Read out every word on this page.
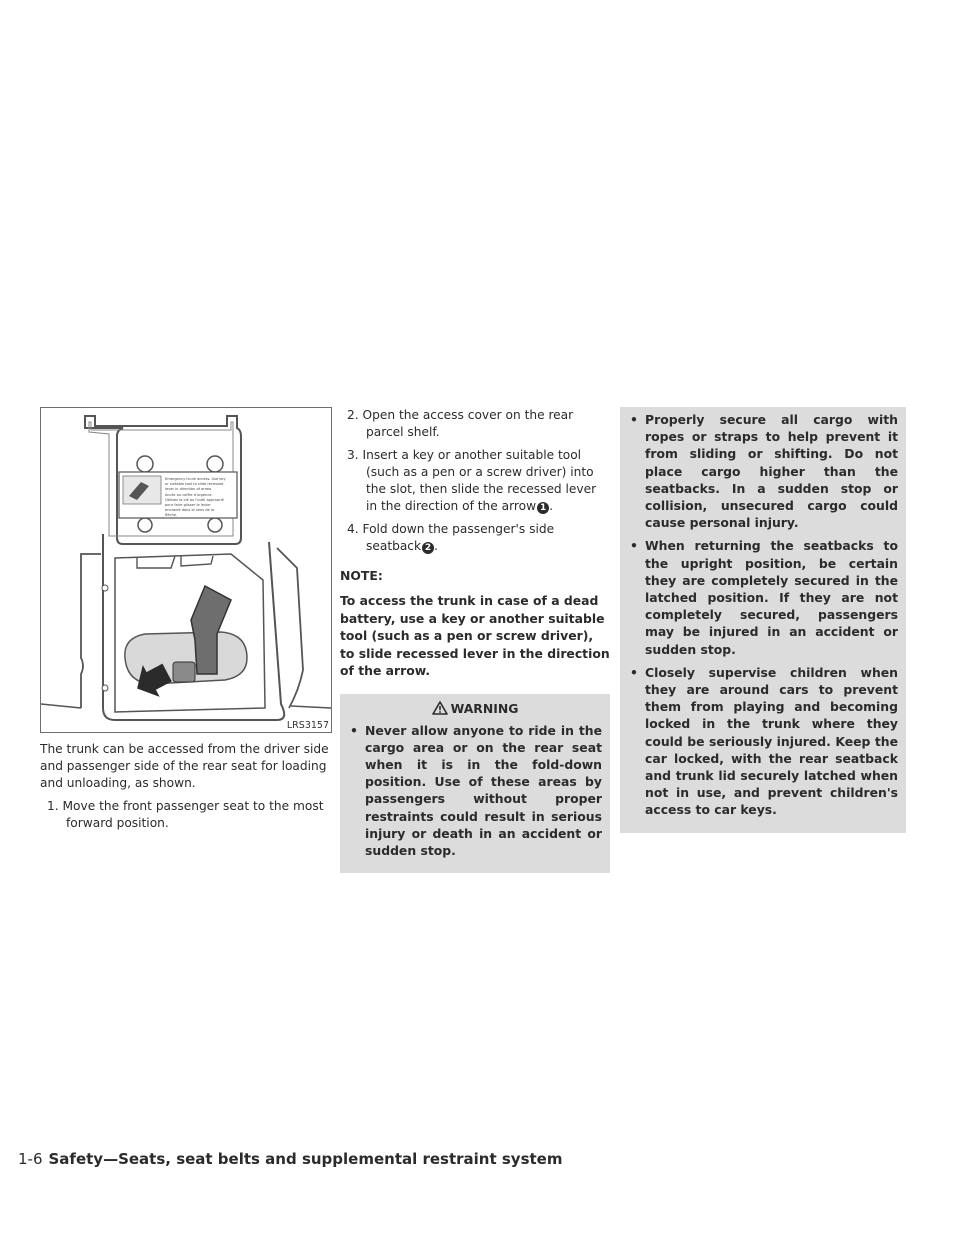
Emergency trunk access. Use key
or suitable tool to slide recessed
lever in direction of arrow
Accès au coffre d'urgence.
Utilisez la clé ou l'outil approprié
pour faire glisser le levier
encastré dans le sens de la
flèche.
LRS3157

The trunk can be accessed from the driver side and passenger side of the rear seat for loading and unloading, as shown.

1. Move the front passenger seat to the most forward position.
2. Open the access cover on the rear parcel shelf.
3. Insert a key or another suitable tool (such as a pen or a screw driver) into the slot, then slide the recessed lever in the direction of the arrow 1 .
4. Fold down the passenger's side seatback 2 .

NOTE:

To access the trunk in case of a dead battery, use a key or another suitable tool (such as a pen or screw driver), to slide recessed lever in the direction of the arrow.

WARNING
• Never allow anyone to ride in the cargo area or on the rear seat when it is in the fold-down position. Use of these areas by passengers without proper restraints could result in serious injury or death in an accident or sudden stop.
• Properly secure all cargo with ropes or straps to help prevent it from sliding or shifting. Do not place cargo higher than the seatbacks. In a sudden stop or collision, unsecured cargo could cause personal injury.
• When returning the seatbacks to the upright position, be certain they are completely secured in the latched position. If they are not completely secured, passengers may be injured in an accident or sudden stop.
• Closely supervise children when they are around cars to prevent them from playing and becoming locked in the trunk where they could be seriously injured. Keep the car locked, with the rear seatback and trunk lid securely latched when not in use, and prevent children's access to car keys.
1-6 Safety—Seats, seat belts and supplemental restraint system
